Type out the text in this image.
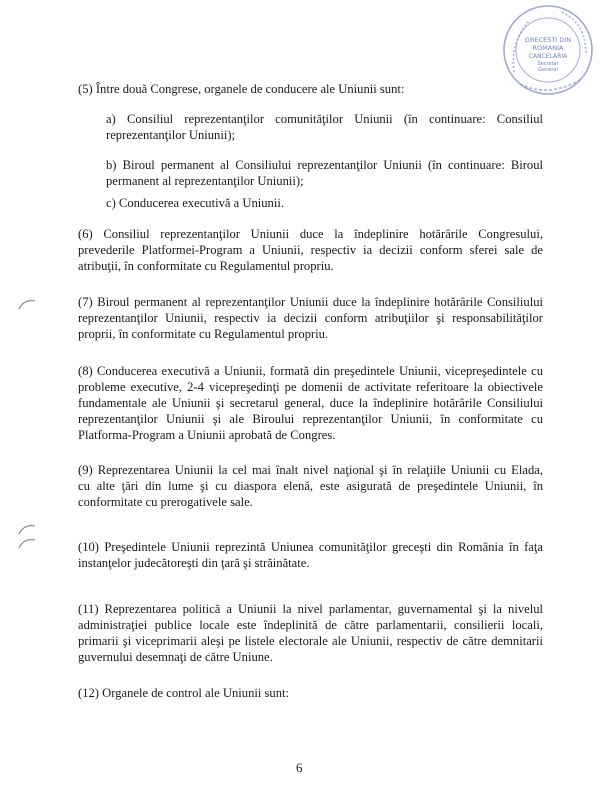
GRECESTI DIN
ROMANIA
CANCELARIA
Secretar
General

(5) Între două Congrese, organele de conducere ale Uniunii sunt:

a) Consiliul reprezentanţilor comunităţilor Uniunii (în continuare: Consiliul
reprezentanţilor Uniunii);

b) Biroul permanent al Consiliului reprezentanţilor Uniunii (în continuare: Biroul
permanent al reprezentanţilor Uniunii);

c) Conducerea executivă a Uniunii.

(6) Consiliul reprezentanţilor Uniunii duce la îndeplinire hotărârile Congresului,
prevederile Platformei-Program a Uniunii, respectiv ia decizii conform sferei sale de
atribuţii, în conformitate cu Regulamentul propriu.

(7) Biroul permanent al reprezentanţilor Uniunii duce la îndeplinire hotărârile Consiliului
reprezentanţilor Uniunii, respectiv ia decizii conform atribuţiilor şi responsabilităţilor
proprii, în conformitate cu Regulamentul propriu.

(8) Conducerea executivă a Uniunii, formată din preşedintele Uniunii, vicepreşedintele cu
probleme executive, 2-4 vicepreşedinţi pe domenii de activitate referitoare la obiectivele
fundamentale ale Uniunii şi secretarul general, duce la îndeplinire hotărârile Consiliului
reprezentanţilor Uniunii şi ale Biroului reprezentanţilor Uniunii, în conformitate cu
Platforma-Program a Uniunii aprobată de Congres.

(9) Reprezentarea Uniunii la cel mai înalt nivel naţional şi în relaţiile Uniunii cu Elada,
cu alte ţări din lume şi cu diaspora elenă, este asigurată de preşedintele Uniunii, în
conformitate cu prerogativele sale.

(10) Preşedintele Uniunii reprezintă Uniunea comunităţilor greceşti din România în faţa
instanţelor judecătoreşti din ţară şi străinătate.

(11) Reprezentarea politică a Uniunii la nivel parlamentar, guvernamental şi la nivelul
administraţiei publice locale este îndeplinită de către parlamentarii, consilierii locali,
primarii şi viceprimarii aleşi pe listele electorale ale Uniunii, respectiv de către demnitarii
guvernului desemnaţi de către Uniune.

(12) Organele de control ale Uniunii sunt:

6
